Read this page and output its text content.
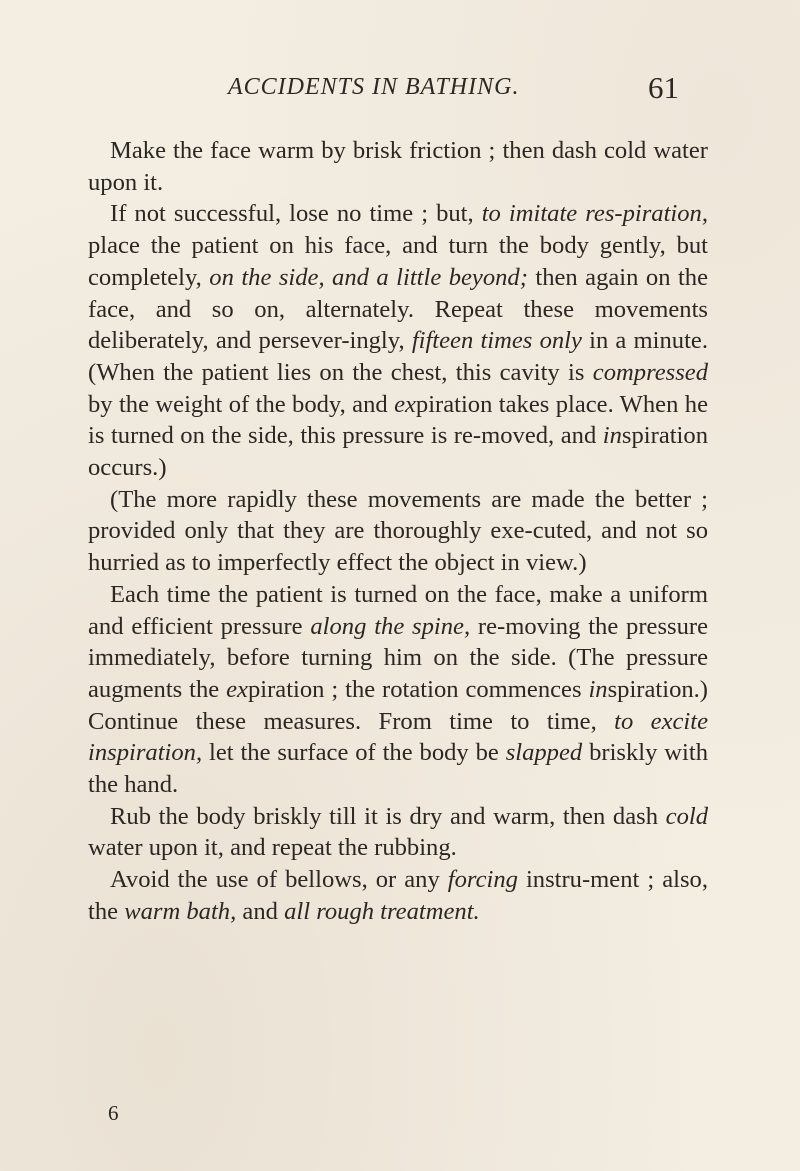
ACCIDENTS IN BATHING.	61

Make the face warm by brisk friction ; then dash cold water upon it.

If not successful, lose no time ; but, to imitate res-piration, place the patient on his face, and turn the body gently, but completely, on the side, and a little beyond; then again on the face, and so on, alternately. Repeat these movements deliberately, and persever-ingly, fifteen times only in a minute. (When the patient lies on the chest, this cavity is compressed by the weight of the body, and expiration takes place. When he is turned on the side, this pressure is re-moved, and inspiration occurs.)

(The more rapidly these movements are made the better ; provided only that they are thoroughly exe-cuted, and not so hurried as to imperfectly effect the object in view.)

Each time the patient is turned on the face, make a uniform and efficient pressure along the spine, re-moving the pressure immediately, before turning him on the side. (The pressure augments the expiration ; the rotation commences inspiration.) Continue these measures. From time to time, to excite inspiration, let the surface of the body be slapped briskly with the hand.

Rub the body briskly till it is dry and warm, then dash cold water upon it, and repeat the rubbing.

Avoid the use of bellows, or any forcing instru-ment ; also, the warm bath, and all rough treatment.

6
